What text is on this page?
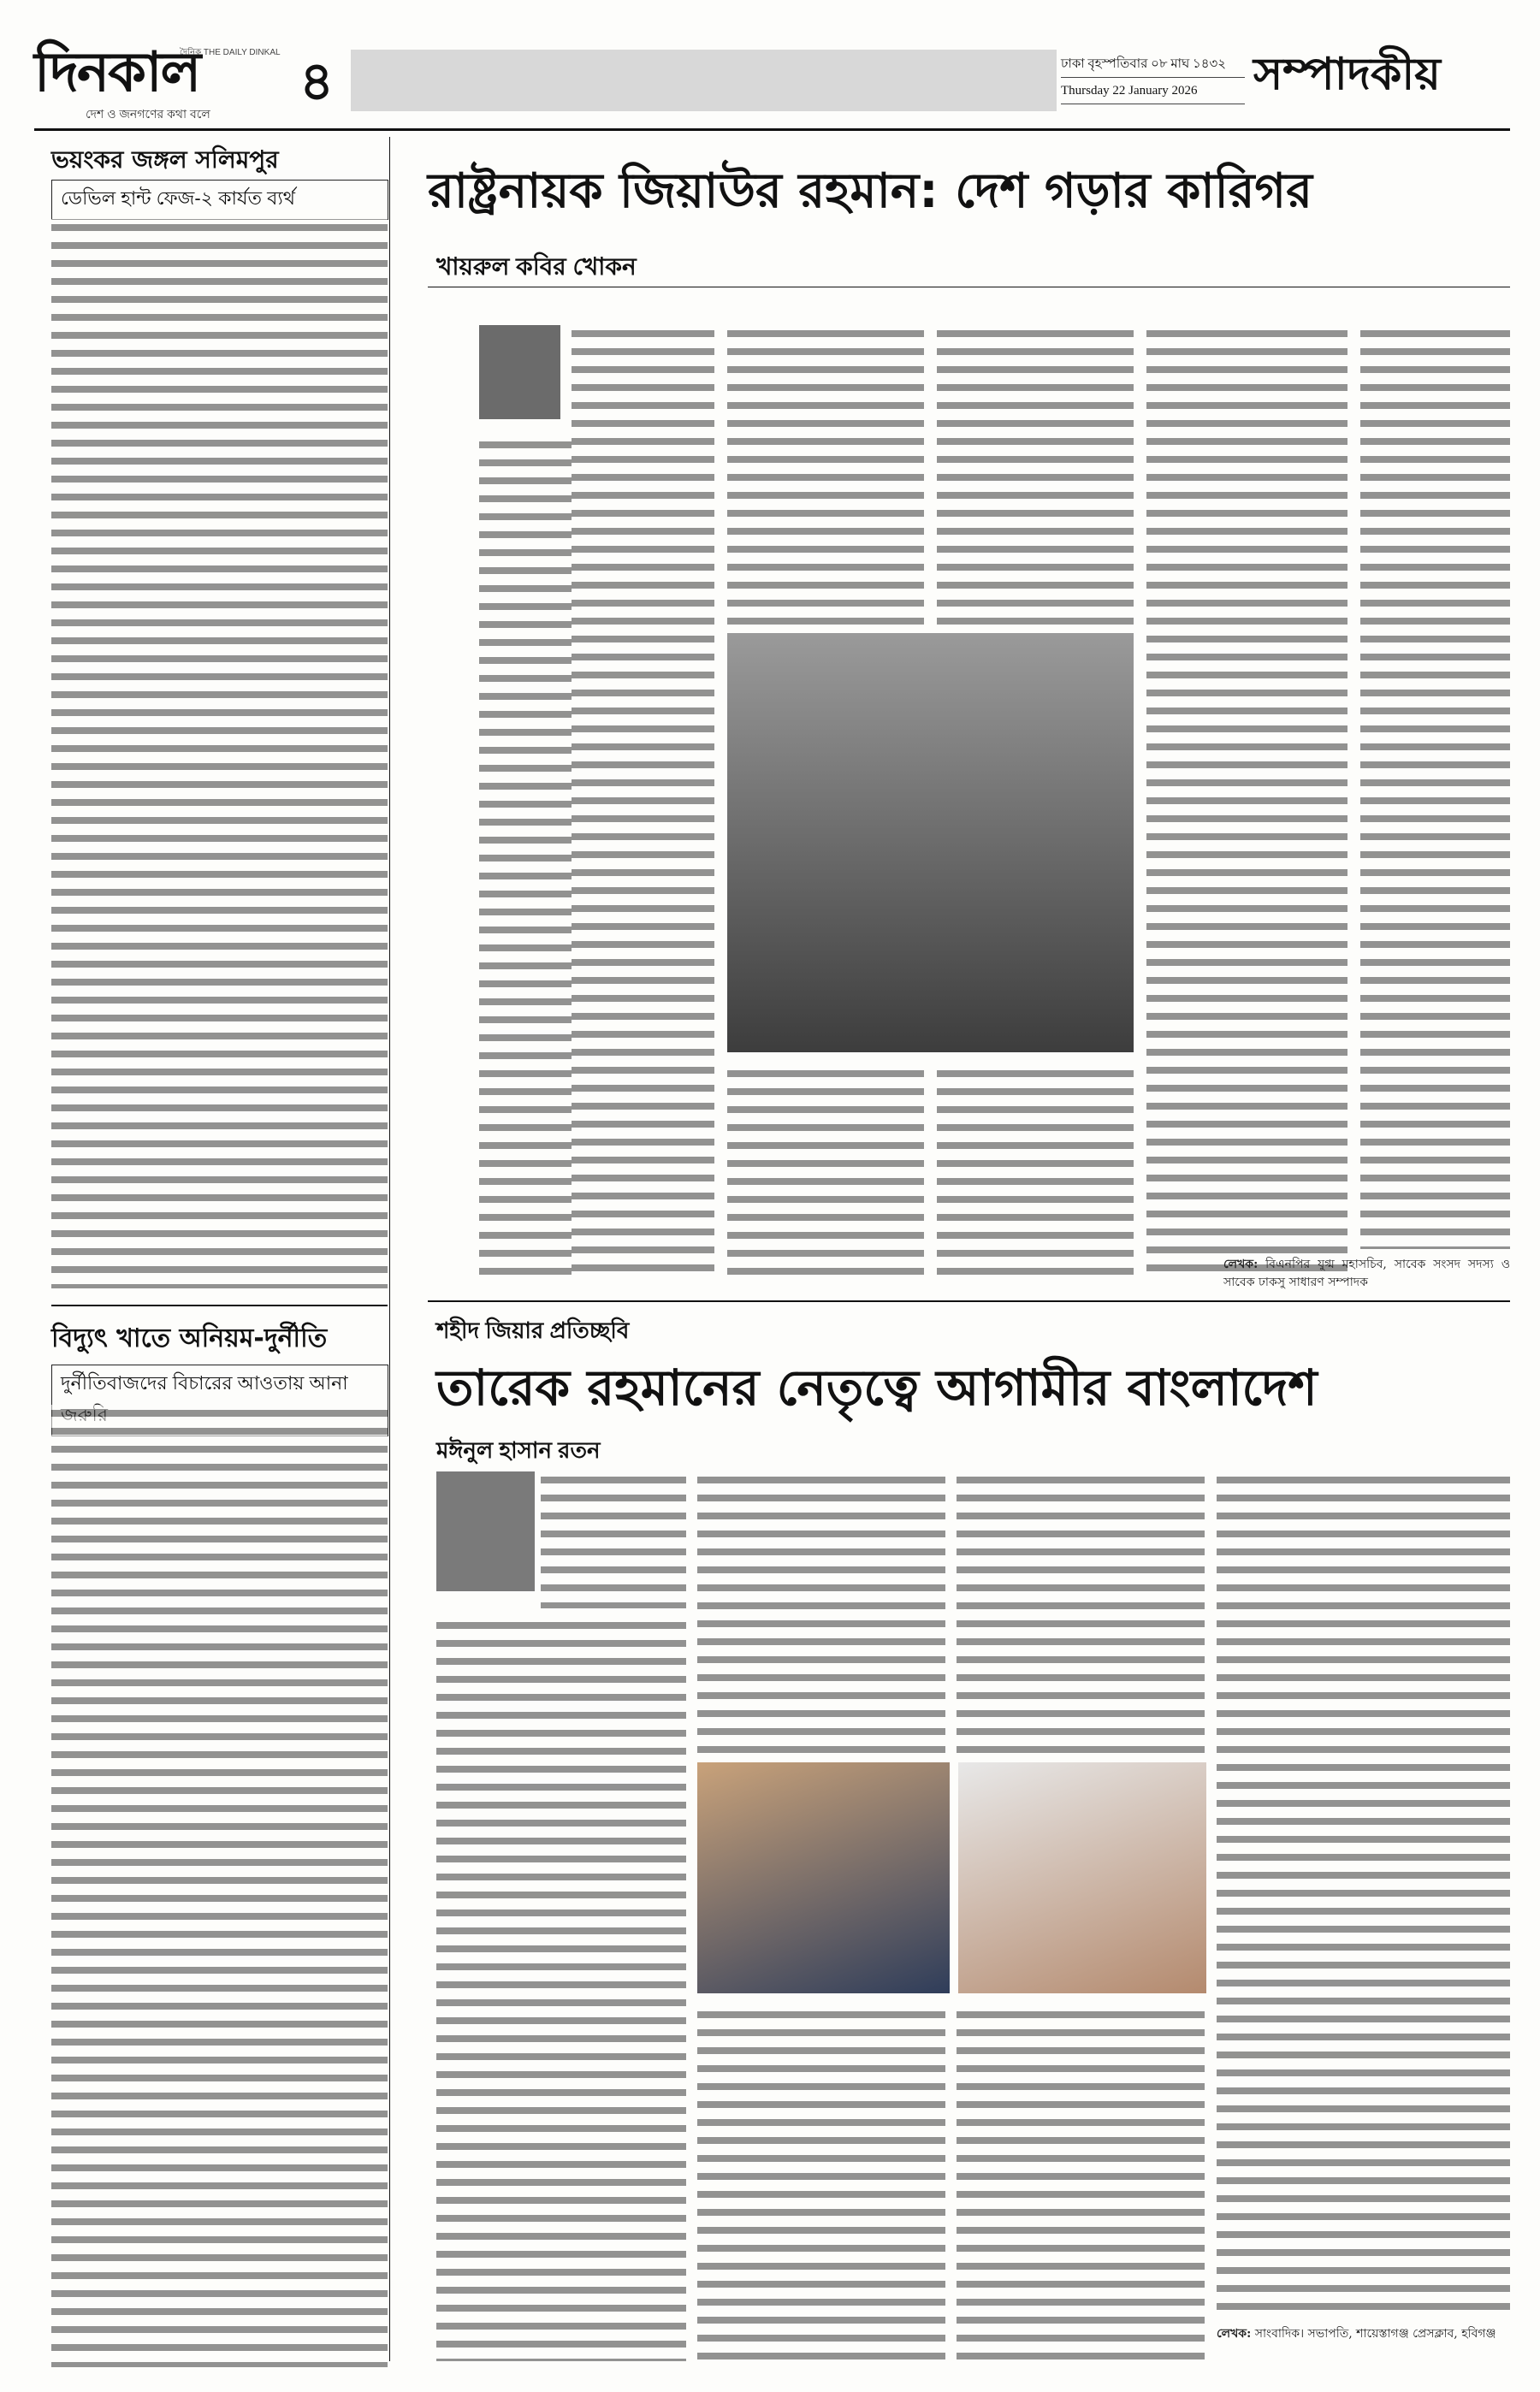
দিনকাল
দৈনিক THE DAILY DINKAL
দেশ ও জনগণের কথা বলে
৪	ঢাকা বৃহস্পতিবার ০৮ মাঘ ১৪৩২
Thursday 22 January 2026	সম্পাদকীয়
ভয়ংকর জঙ্গল সলিমপুর
ডেভিল হান্ট ফেজ-২ কার্যত ব্যর্থ
বিদ্যুৎ খাতে অনিয়ম-দুর্নীতি
দুর্নীতিবাজদের বিচারের আওতায় আনা
রাষ্ট্রনায়ক জিয়াউর রহমান: দেশ গড়ার কারিগর
খায়রুল কবির খোকন
লেখক: বিএনপির যুগ্ম মহাসচিব, সাবেক সংসদ সদস্য ও সাবেক ঢাকসু সাধারণ সম্পাদক
শহীদ জিয়ার প্রতিচ্ছবি
তারেক রহমানের নেতৃত্বে আগামীর বাংলাদেশ
মঈনুল হাসান রতন
লেখক: সাংবাদিক। সভাপতি, শায়েস্তাগঞ্জ প্রেসক্লাব, হবিগঞ্জ
